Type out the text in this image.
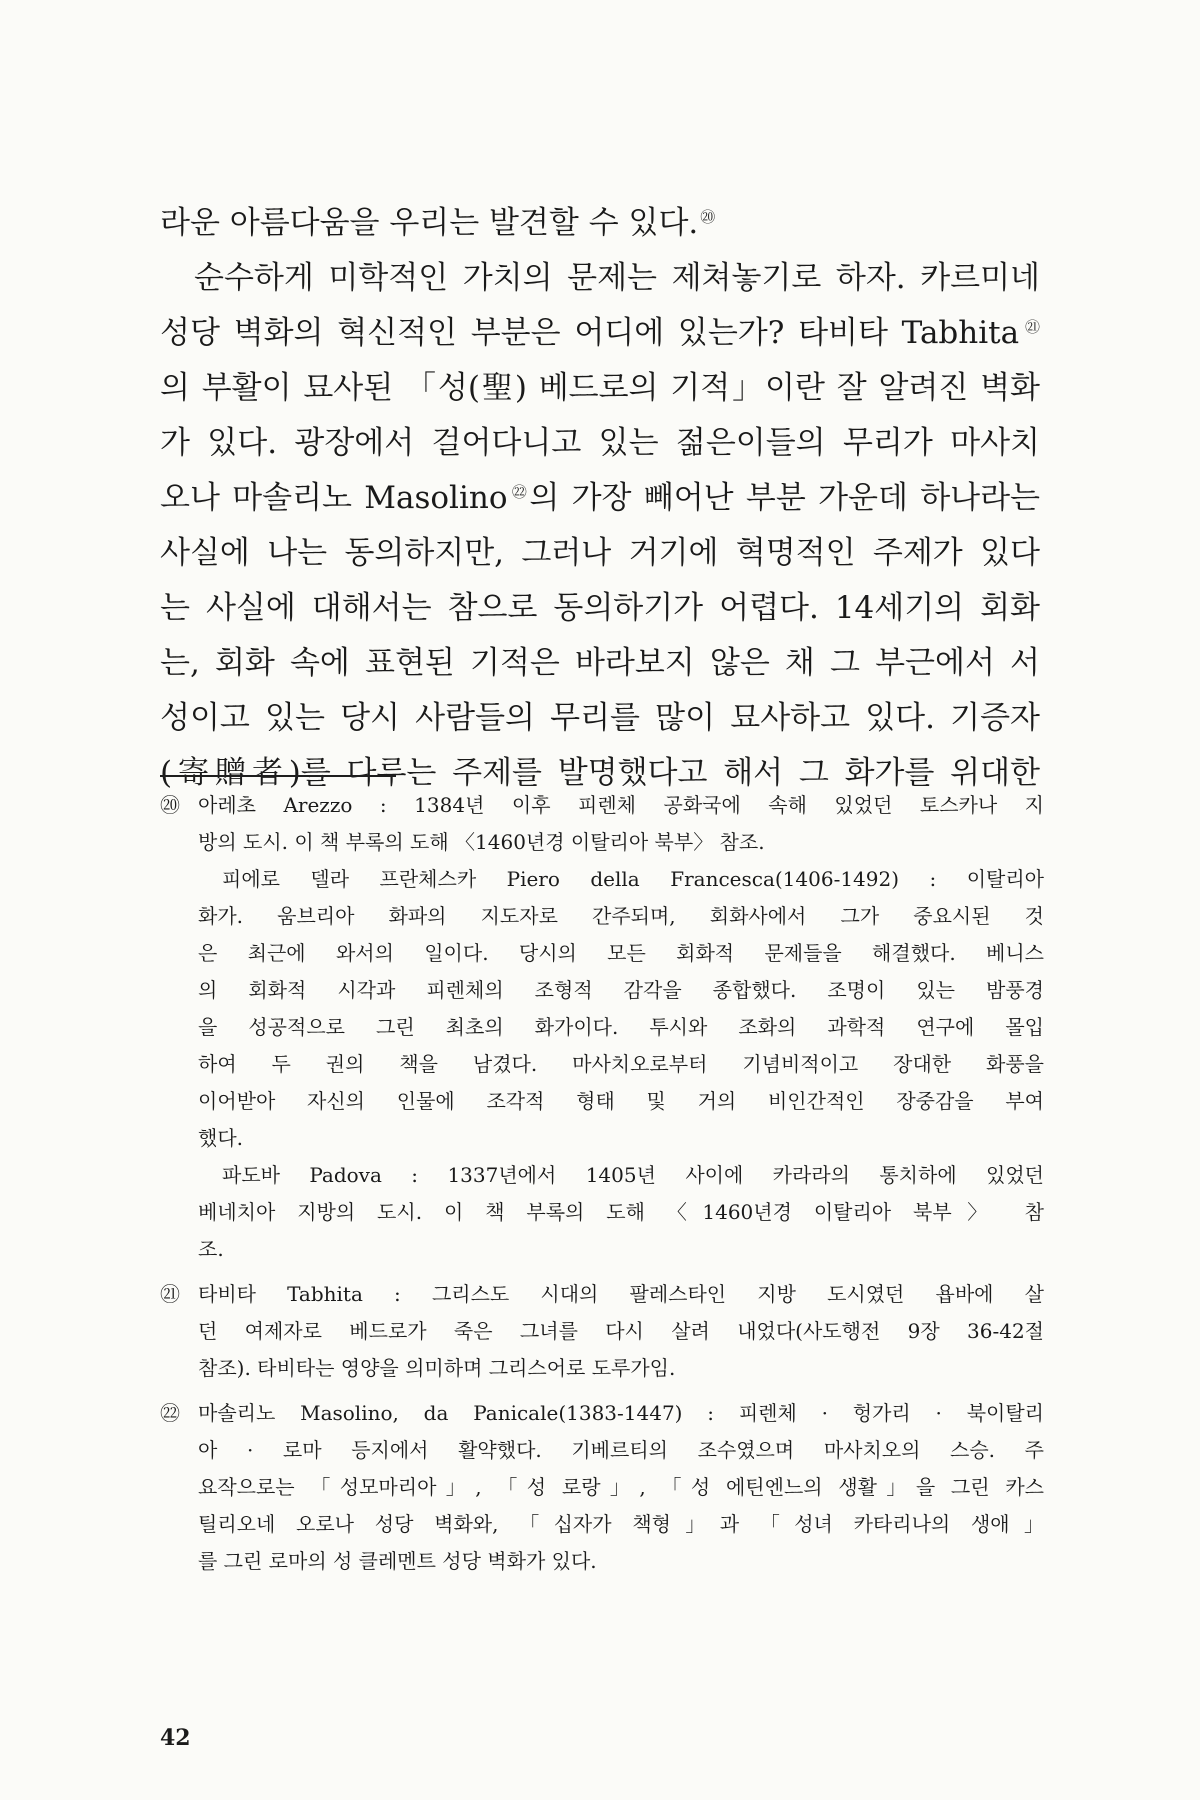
라운 아름다움을 우리는 발견할 수 있다. ⑳
순수하게 미학적인 가치의 문제는 제쳐놓기로 하자. 카르미네
성당 벽화의 혁신적인 부분은 어디에 있는가? 타비타 Tabhita $^㉑$
의 부활이 묘사된 「성(聖) 베드로의 기적」이란 잘 알려진 벽화
가 있다. 광장에서 걸어다니고 있는 젊은이들의 무리가 마사치
오나 마솔리노 Masolino $^㉒$의 가장 빼어난 부분 가운데 하나라는
사실에 나는 동의하지만, 그러나 거기에 혁명적인 주제가 있다
는 사실에 대해서는 참으로 동의하기가 어렵다. 14세기의 회화
는, 회화 속에 표현된 기적은 바라보지 않은 채 그 부근에서 서
성이고 있는 당시 사람들의 무리를 많이 묘사하고 있다. 기증자
(寄贈者)를 다루는 주제를 발명했다고 해서 그 화가를 위대한
⑳ 아레초 Arezzo : 1384년 이후 피렌체 공화국에 속해 있었던 토스카나 지
방의 도시. 이 책 부록의 도해 〈1460년경 이탈리아 북부〉 참조.
피에로 델라 프란체스카 Piero della Francesca(1406-1492) : 이탈리아
화가. 움브리아 화파의 지도자로 간주되며, 회화사에서 그가 중요시된 것
은 최근에 와서의 일이다. 당시의 모든 회화적 문제들을 해결했다. 베니스
의 회화적 시각과 피렌체의 조형적 감각을 종합했다. 조명이 있는 밤풍경
을 성공적으로 그린 최초의 화가이다. 투시와 조화의 과학적 연구에 몰입
하여 두 권의 책을 남겼다. 마사치오로부터 기념비적이고 장대한 화풍을
이어받아 자신의 인물에 조각적 형태 및 거의 비인간적인 장중감을 부여
했다.
파도바 Padova : 1337년에서 1405년 사이에 카라라의 통치하에 있었던
베네치아 지방의 도시. 이 책 부록의 도해 〈1460년경 이탈리아 북부〉 참
조.
㉑ 타비타 Tabhita : 그리스도 시대의 팔레스타인 지방 도시였던 욥바에 살
던 여제자로 베드로가 죽은 그녀를 다시 살려 내었다(사도행전 9장 36-42절
참조). 타비타는 영양을 의미하며 그리스어로 도루가임.
㉒ 마솔리노 Masolino, da Panicale(1383-1447) : 피렌체 · 헝가리 · 북이탈리
아 · 로마 등지에서 활약했다. 기베르티의 조수였으며 마사치오의 스승. 주
요작으로는 「성모마리아」, 「성 로랑」, 「성 에틴엔느의 생활」을 그린 카스
틸리오네 오로나 성당 벽화와, 「십자가 책형」과 「성녀 카타리나의 생애」
를 그린 로마의 성 클레멘트 성당 벽화가 있다.
42
